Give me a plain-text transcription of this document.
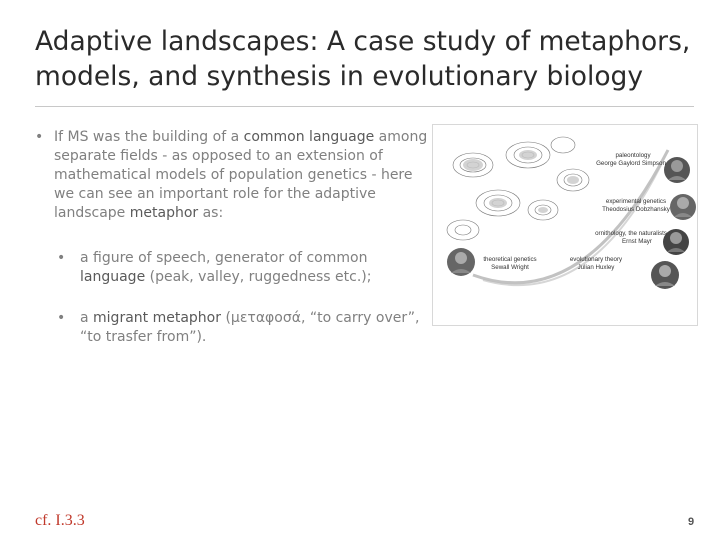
Adaptive landscapes: A case study of metaphors,
models, and synthesis in evolutionary biology
• If MS was the building of a common language among separate fields - as opposed to an extension of mathematical models of population genetics - here we can see an important role for the adaptive landscape metaphor as:
• a figure of speech, generator of common language (peak, valley, ruggedness etc.);
• a migrant metaphor (μεταφοσά, “to carry over”, “to trasfer from”).
paleontology
George Gaylord Simpson
experimental genetics
Theodosius Dobzhansky
ornithology, the naturalists
Ernst Mayr
evolutionary theory
Julian Huxley
theoretical genetics
Sewall Wright
cf. I.3.3	9
